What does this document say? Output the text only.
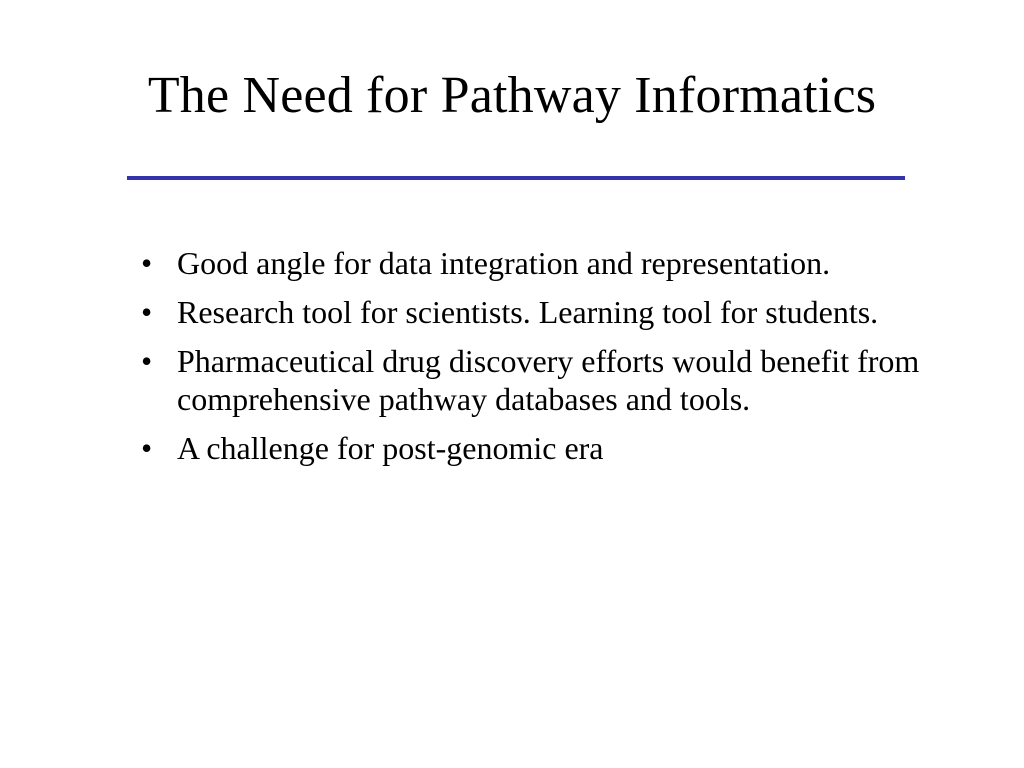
The Need for Pathway Informatics
• Good angle for data integration and representation.
• Research tool for scientists. Learning tool for students.
• Pharmaceutical drug discovery efforts would benefit from comprehensive pathway databases and tools.
• A challenge for post-genomic era
